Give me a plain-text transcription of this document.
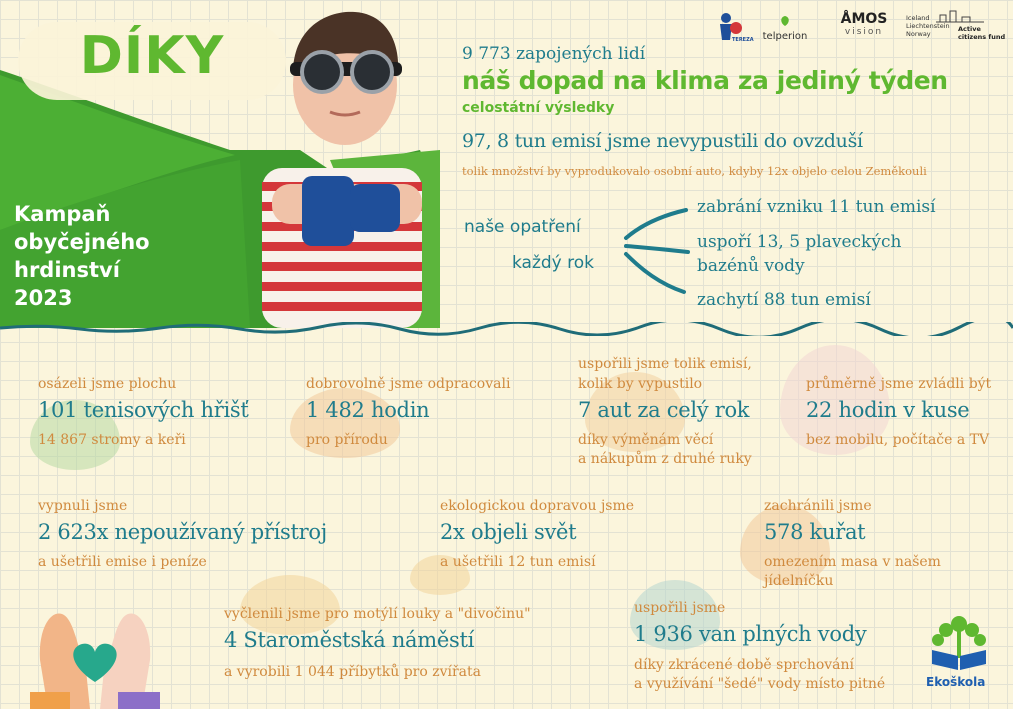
DÍKY
Kampaň
obyčejného
hrdinství
2023
TEREZA telperion
ÅMOS
vision
Iceland
Liechtenstein
Norway
Active
citizens fund
9 773 zapojených lidí
náš dopad na klima za jediný týden
celostátní výsledky
97, 8 tun emisí jsme nevypustili do ovzduší
tolik množství by vyprodukovalo osobní auto, kdyby 12x objelo celou Zeměkouli
naše opatření
každý rok
zabrání vzniku 11 tun emisí
uspoří 13, 5 plaveckých
bazénů vody
zachytí 88 tun emisí
osázeli jsme plochu
101 tenisových hřišť
14 867 stromy a keři
dobrovolně jsme odpracovali
1 482 hodin
pro přírodu
uspořili jsme tolik emisí,
kolik by vypustilo
7 aut za celý rok
díky výměnám věcí
a nákupům z druhé ruky
průměrně jsme zvládli být
22 hodin v kuse
bez mobilu, počítače a TV
vypnuli jsme
2 623x nepoužívaný přístroj
a ušetřili emise i peníze
ekologickou dopravou jsme
2x objeli svět
a ušetřili 12 tun emisí
zachránili jsme
578 kuřat
omezením masa v našem
jídelníčku
vyčlenili jsme pro motýlí louky a "divočinu"
4 Staroměstská náměstí
a vyrobili 1 044 příbytků pro zvířata
uspořili jsme
1 936 van plných vody
díky zkrácené době sprchování
a využívání "šedé" vody místo pitné	Ekoškola
